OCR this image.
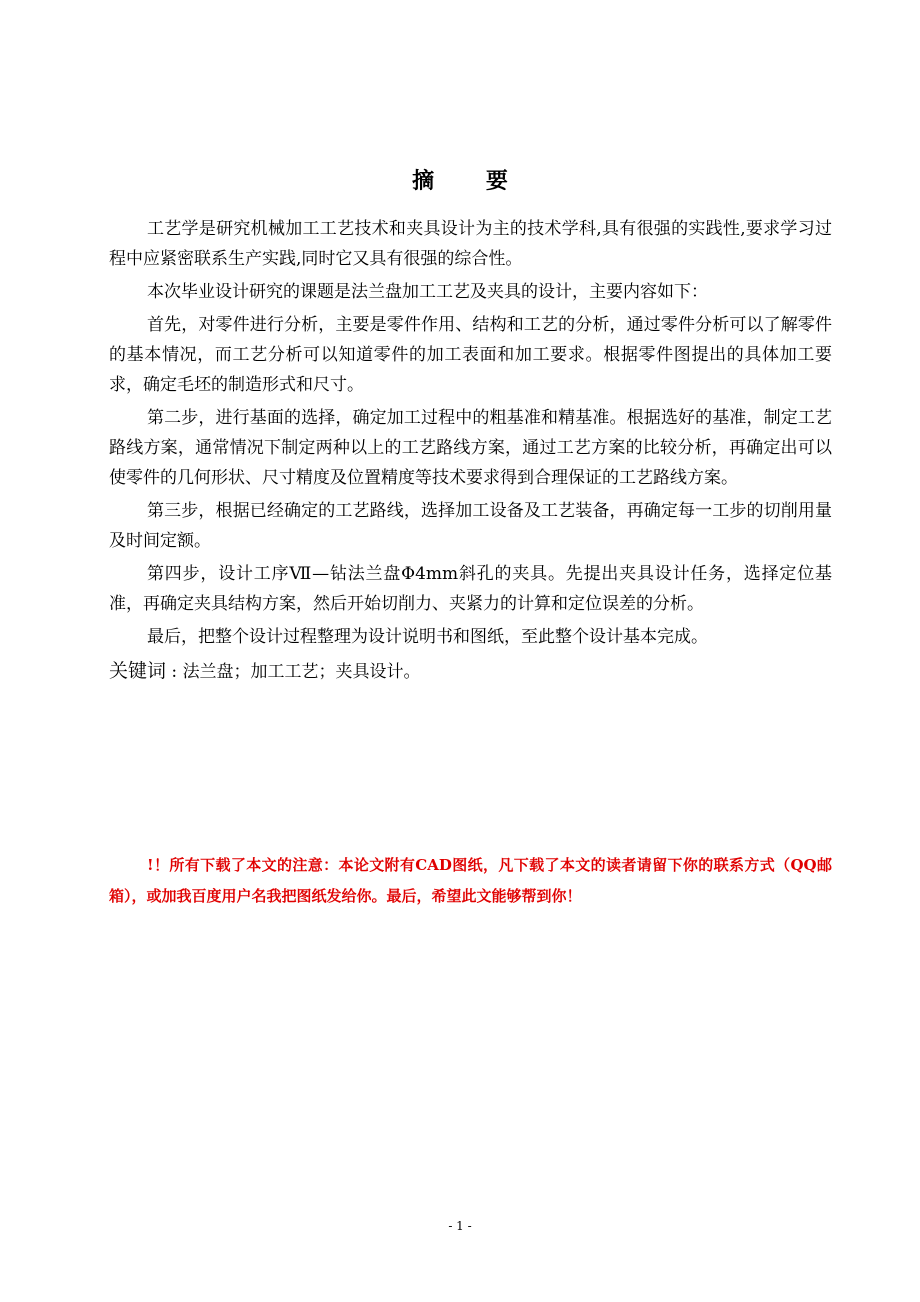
摘 要

工艺学是研究机械加工工艺技术和夹具设计为主的技术学科,具有很强的实践性,要求学习过程中应紧密联系生产实践,同时它又具有很强的综合性。

本次毕业设计研究的课题是法兰盘加工工艺及夹具的设计，主要内容如下：

首先，对零件进行分析，主要是零件作用、结构和工艺的分析，通过零件分析可以了解零件的基本情况，而工艺分析可以知道零件的加工表面和加工要求。根据零件图提出的具体加工要求，确定毛坯的制造形式和尺寸。

第二步，进行基面的选择，确定加工过程中的粗基准和精基准。根据选好的基准，制定工艺路线方案，通常情况下制定两种以上的工艺路线方案，通过工艺方案的比较分析，再确定出可以使零件的几何形状、尺寸精度及位置精度等技术要求得到合理保证的工艺路线方案。

第三步，根据已经确定的工艺路线，选择加工设备及工艺装备，再确定每一工步的切削用量及时间定额。

第四步，设计工序Ⅶ—钻法兰盘Φ4mm斜孔的夹具。先提出夹具设计任务，选择定位基准，再确定夹具结构方案，然后开始切削力、夹紧力的计算和定位误差的分析。

最后，把整个设计过程整理为设计说明书和图纸，至此整个设计基本完成。

关键词 : 法兰盘；加工工艺；夹具设计。

!！所有下载了本文的注意：本论文附有CAD图纸，凡下载了本文的读者请留下你的联系方式（QQ邮箱），或加我百度用户名我把图纸发给你。最后，希望此文能够帮到你！

- 1 -
